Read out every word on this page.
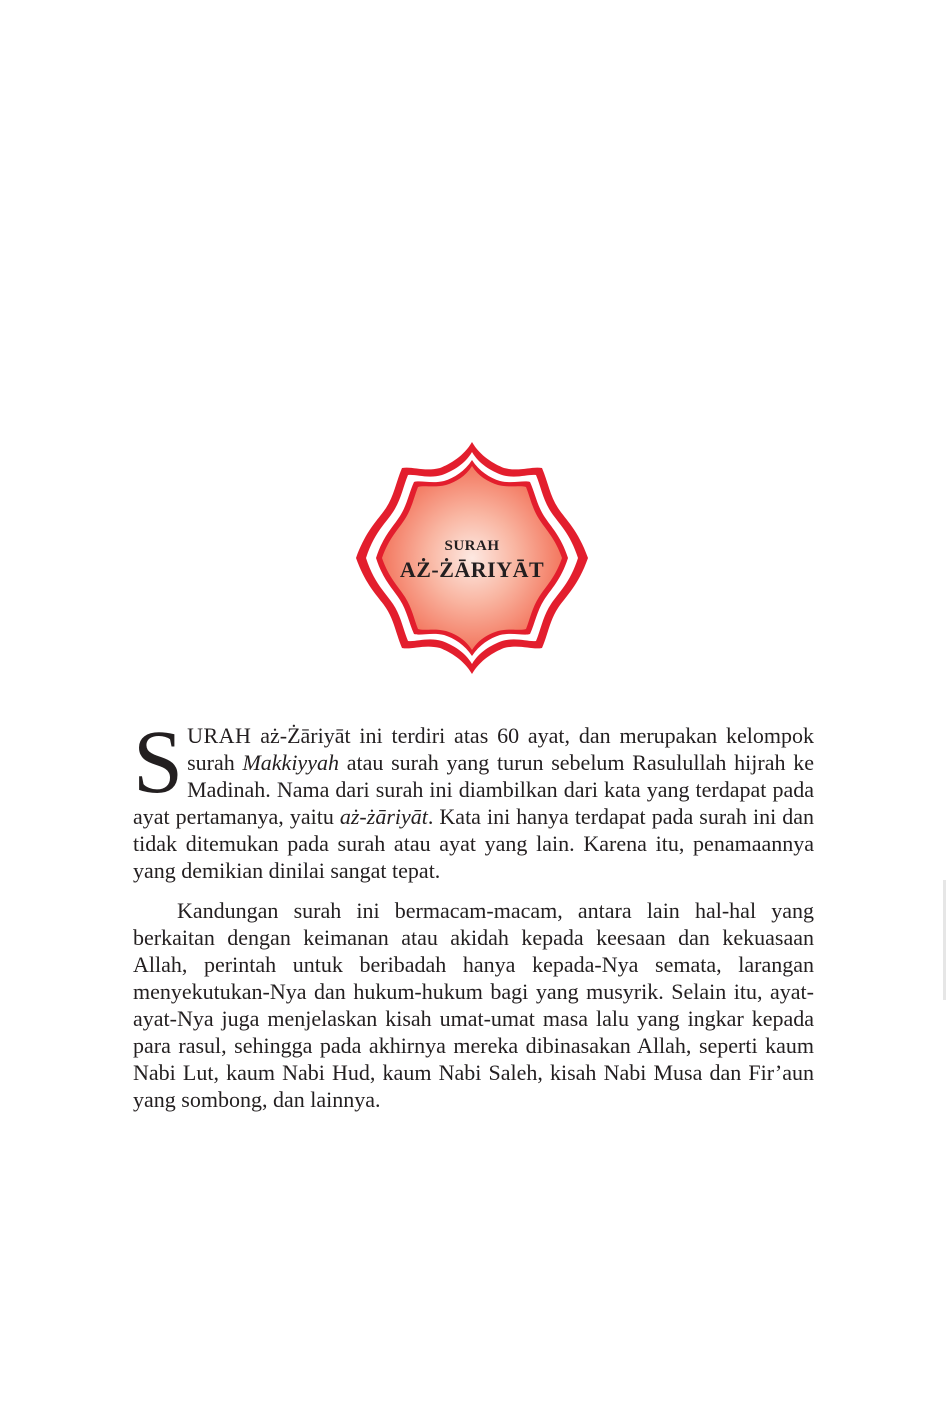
SURAH
AŻ-ŻĀRIYĀT

SURAH aż-Żāriyāt ini terdiri atas 60 ayat, dan merupakan kelompok surah Makkiyyah atau surah yang turun sebelum Rasulullah hijrah ke Madinah. Nama dari surah ini diambilkan dari kata yang terdapat pada ayat pertamanya, yaitu aż-żāriyāt. Kata ini hanya terdapat pada surah ini dan tidak ditemukan pada surah atau ayat yang lain. Karena itu, penamaannya yang demikian dinilai sangat tepat.

Kandungan surah ini bermacam-macam, antara lain hal-hal yang berkaitan dengan keimanan atau akidah kepada keesaan dan kekuasaan Allah, perintah untuk beribadah hanya kepada-Nya semata, larangan menyekutukan-Nya dan hukum-hukum bagi yang musyrik. Selain itu, ayat-ayat-Nya juga menjelaskan kisah umat-umat masa lalu yang ingkar kepada para rasul, sehingga pada akhirnya mereka dibinasakan Allah, seperti kaum Nabi Lut, kaum Nabi Hud, kaum Nabi Saleh, kisah Nabi Musa dan Fir’aun yang sombong, dan lainnya.
